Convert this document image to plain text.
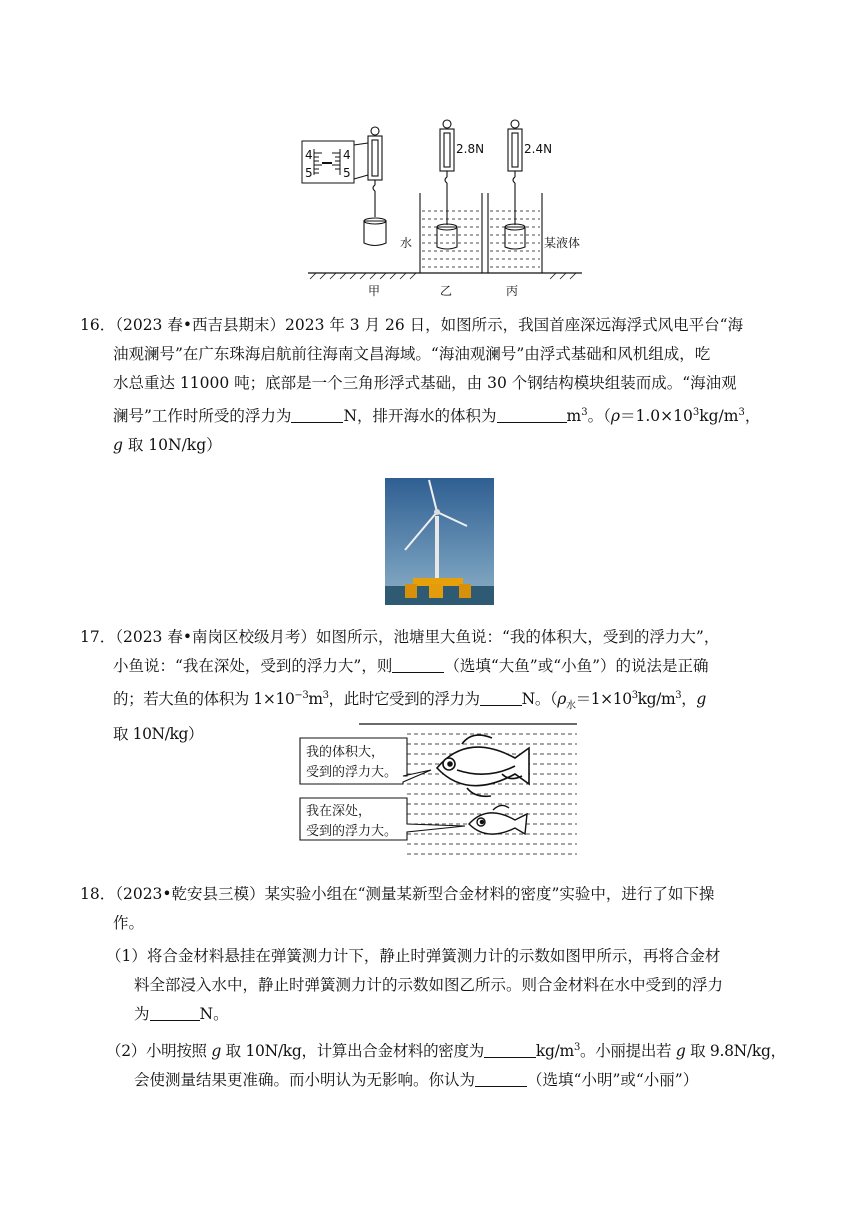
4
5
4
5
2.8N
水
2.4N
某液体
甲	乙	丙

16．（2023 春•西吉县期末）2023 年 3 月 26 日，如图所示，我国首座深远海浮式风电平台“海

油观澜号”在广东珠海启航前往海南文昌海域。“海油观澜号”由浮式基础和风机组成，吃

水总重达 11000 吨；底部是一个三角形浮式基础，由 30 个钢结构模块组装而成。“海油观

澜号”工作时所受的浮力为	N，排开海水的体积为	$m^3$。（$\rho=1.0\times 10^3kg/m^3$，

g 取 10N/kg）

17．（2023 春•南岗区校级月考）如图所示，池塘里大鱼说：“我的体积大，受到的浮力大”，

小鱼说：“我在深处，受到的浮力大”，则	（选填“大鱼”或“小鱼”）的说法是正确

的；若大鱼的体积为 $1\times 10^{-3}m^3$，此时它受到的浮力为	N。（$\rho_水=1\times 10^3kg/m^3$，g 取 10N/kg）

我的体积大，
受到的浮力大。
我在深处，
受到的浮力大。

18．（2023•乾安县三模）某实验小组在“测量某新型合金材料的密度”实验中，进行了如下操

作。

（1）将合金材料悬挂在弹簧测力计下，静止时弹簧测力计的示数如图甲所示，再将合金材

料全部浸入水中，静止时弹簧测力计的示数如图乙所示。则合金材料在水中受到的浮力

为	N。

（2）小明按照 g 取 10N/kg，计算出合金材料的密度为	$kg/m^3$。小丽提出若 g 取 9.8N/kg，

会使测量结果更准确。而小明认为无影响。你认为	（选填“小明”或“小丽”）
